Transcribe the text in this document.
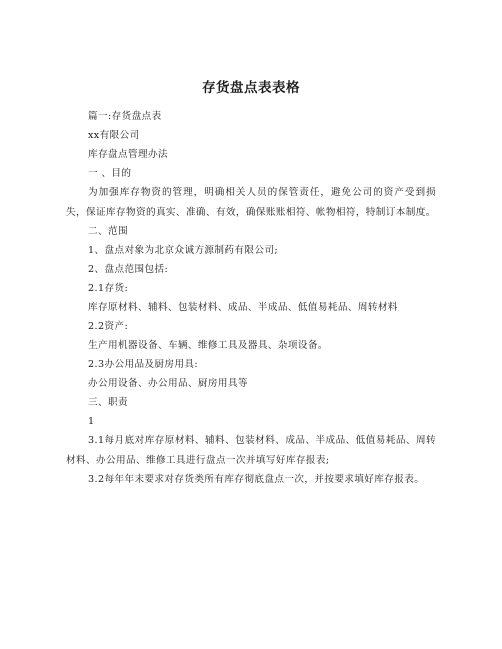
存货盘点表表格

篇一:存货盘点表

xx有限公司

库存盘点管理办法

一 、目的

为加强库存物资的管理，明确相关人员的保管责任，避免公司的资产受到损失，保证库存物资的真实、准确、有效，确保账账相符、帐物相符，特制订本制度。

二、范围

1、盘点对象为北京众诚方源制药有限公司;

2、盘点范围包括:

2.1存货:

库存原材料、辅料、包装材料、成品、半成品、低值易耗品、周转材料

2.2资产:

生产用机器设备、车辆、维修工具及器具、杂项设备。

2.3办公用品及厨房用具:

办公用设备、办公用品、厨房用具等

三、职责

1

3.1每月底对库存原材料、辅料、包装材料、成品、半成品、低值易耗品、周转材料、办公用品、维修工具进行盘点一次并填写好库存报表;

3.2每年年末要求对存货类所有库存彻底盘点一次，并按要求填好库存报表。
